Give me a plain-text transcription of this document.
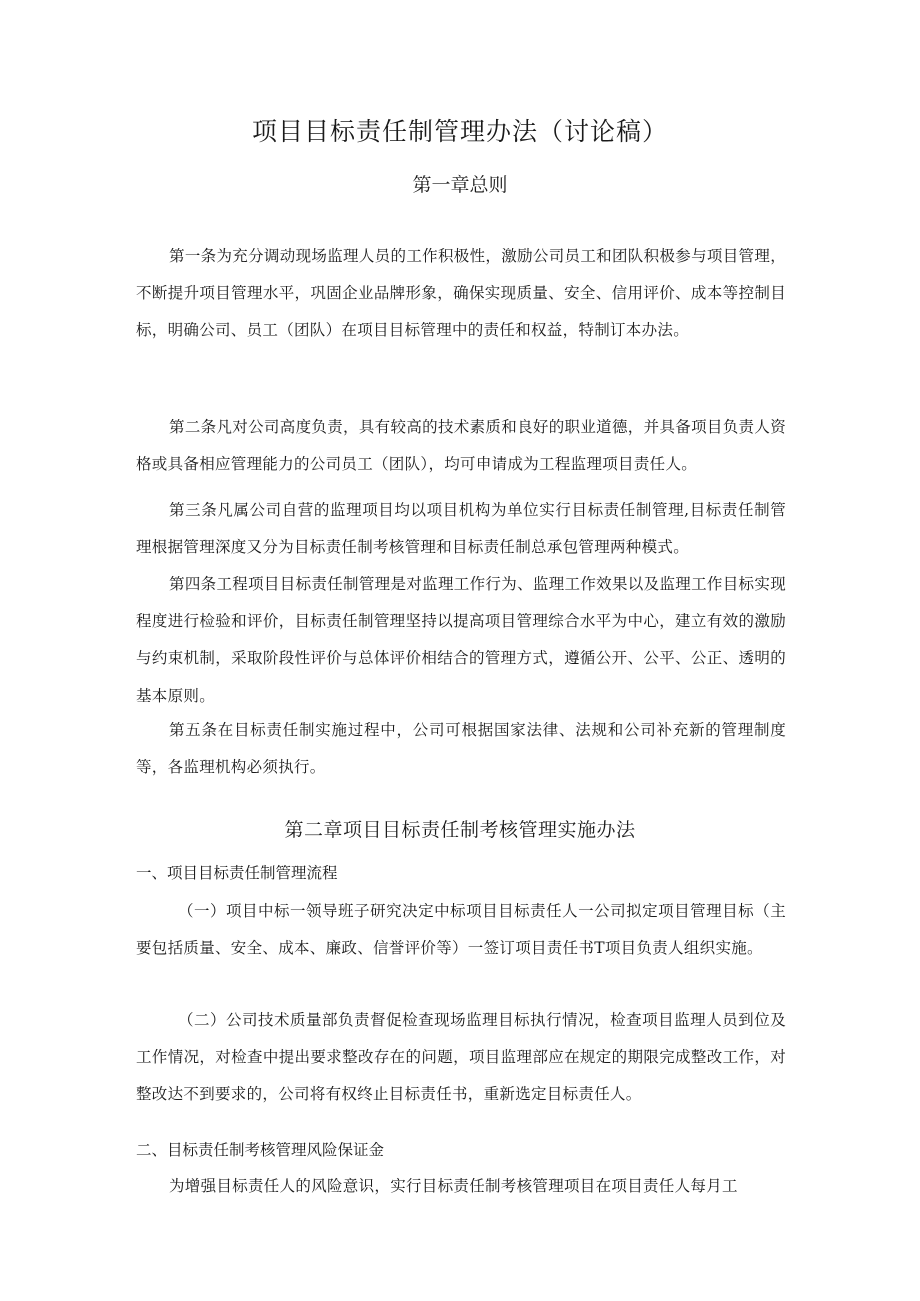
项目目标责任制管理办法（讨论稿）
第一章总则

第一条为充分调动现场监理人员的工作积极性，激励公司员工和团队积极参与项目管理，不断提升项目管理水平，巩固企业品牌形象，确保实现质量、安全、信用评价、成本等控制目标，明确公司、员工（团队）在项目目标管理中的责任和权益，特制订本办法。

第二条凡对公司高度负责，具有较高的技术素质和良好的职业道德，并具备项目负责人资格或具备相应管理能力的公司员工（团队），均可申请成为工程监理项目责任人。

第三条凡属公司自营的监理项目均以项目机构为单位实行目标责任制管理,目标责任制管理根据管理深度又分为目标责任制考核管理和目标责任制总承包管理两种模式。

第四条工程项目目标责任制管理是对监理工作行为、监理工作效果以及监理工作目标实现程度进行检验和评价，目标责任制管理坚持以提高项目管理综合水平为中心，建立有效的激励与约束机制，采取阶段性评价与总体评价相结合的管理方式，遵循公开、公平、公正、透明的基本原则。

第五条在目标责任制实施过程中，公司可根据国家法律、法规和公司补充新的管理制度等，各监理机构必须执行。

第二章项目目标责任制考核管理实施办法

一、项目目标责任制管理流程

（一）项目中标一领导班子研究决定中标项目目标责任人一公司拟定项目管理目标（主要包括质量、安全、成本、廉政、信誉评价等）一签订项目责任书T项目负责人组织实施。

（二）公司技术质量部负责督促检查现场监理目标执行情况，检查项目监理人员到位及工作情况，对检查中提出要求整改存在的问题，项目监理部应在规定的期限完成整改工作，对整改达不到要求的，公司将有权终止目标责任书，重新选定目标责任人。

二、目标责任制考核管理风险保证金

为增强目标责任人的风险意识，实行目标责任制考核管理项目在项目责任人每月工
